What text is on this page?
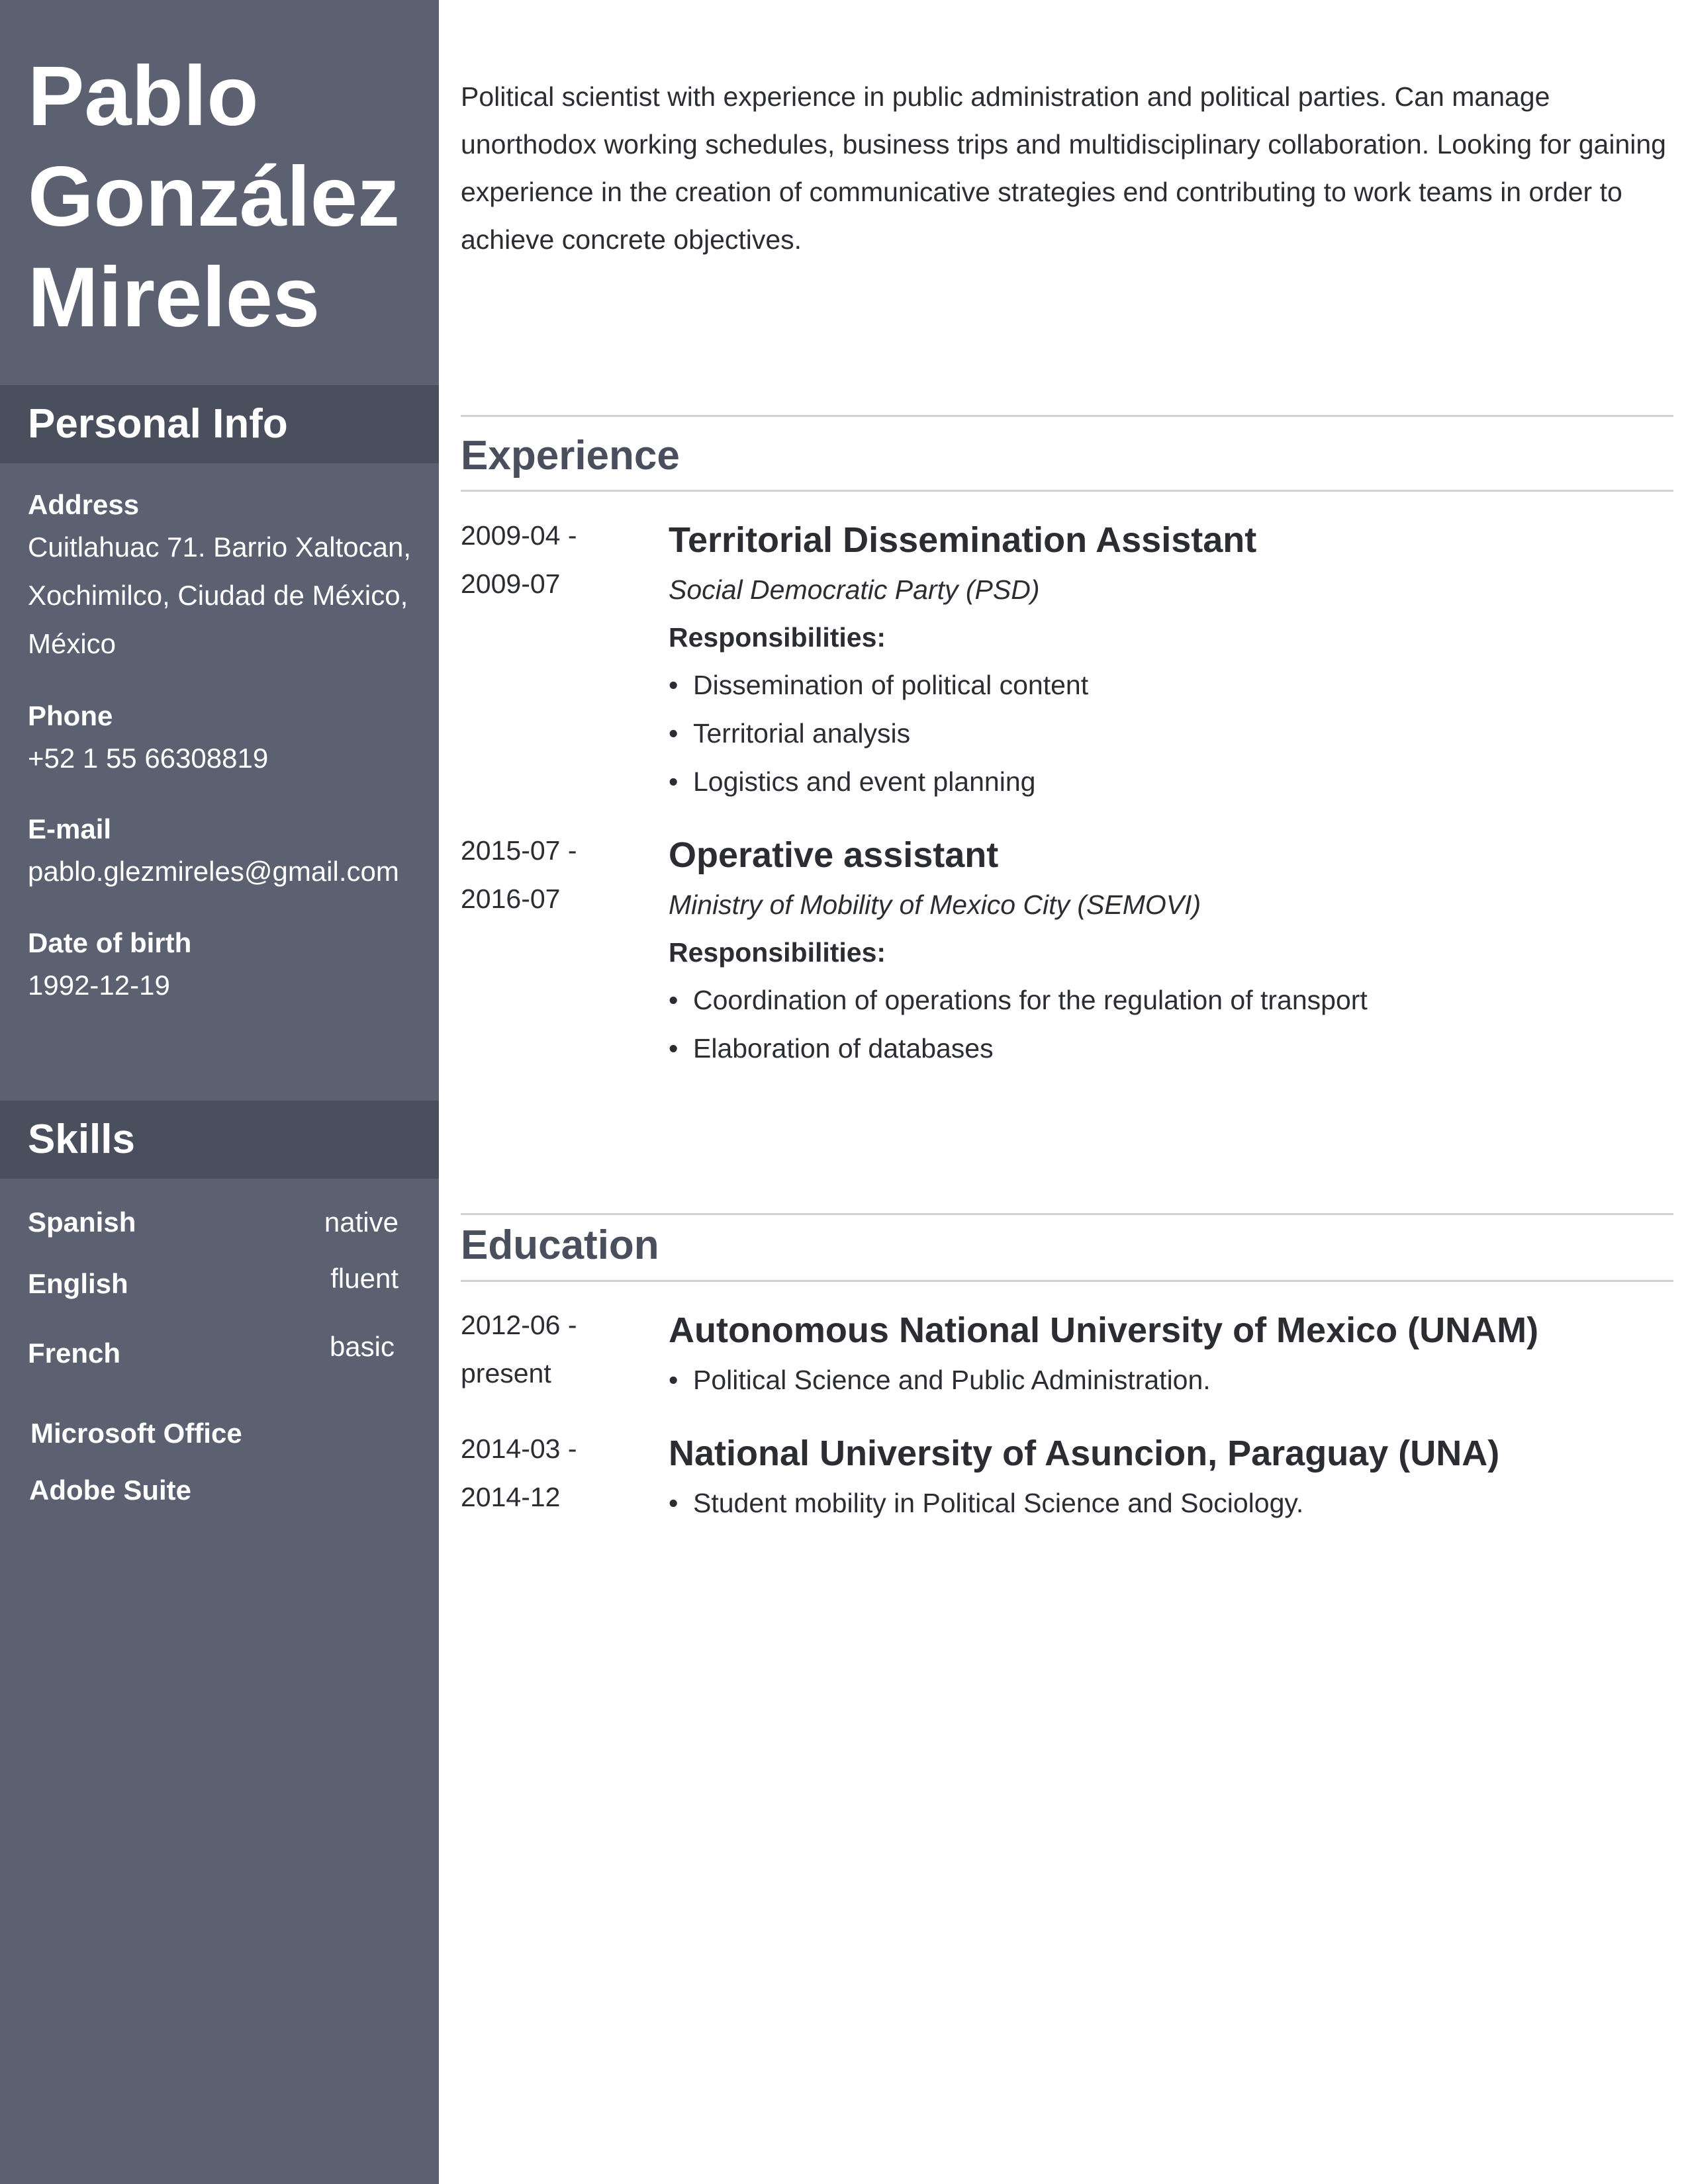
Pablo
González
Mireles
Personal Info

Address

Cuitlahuac 71. Barrio Xaltocan,
Xochimilco, Ciudad de México,
México

Phone

+52 1 55 66308819

E-mail

pablo.glezmireles@gmail.com

Date of birth

1992-12-19

Skills
Spanish	native
English	fluent
French	basic
Microsoft Office
Adobe Suite

Political scientist with experience in public administration and political parties. Can manage unorthodox working schedules, business trips and multidisciplinary collaboration. Looking for gaining experience in the creation of communicative strategies end contributing to work teams in order to achieve concrete objectives.

Experience

2009-04 -
2009-07

Territorial Dissemination Assistant

Social Democratic Party (PSD)

Responsibilities:

• Dissemination of political content
• Territorial analysis
• Logistics and event planning

2015-07 -
2016-07

Operative assistant

Ministry of Mobility of Mexico City (SEMOVI)

Responsibilities:

• Coordination of operations for the regulation of transport
• Elaboration of databases
Education

2012-06 -
present

Autonomous National University of Mexico (UNAM)
• Political Science and Public Administration.

2014-03 -
2014-12

National University of Asuncion, Paraguay (UNA)
• Student mobility in Political Science and Sociology.
